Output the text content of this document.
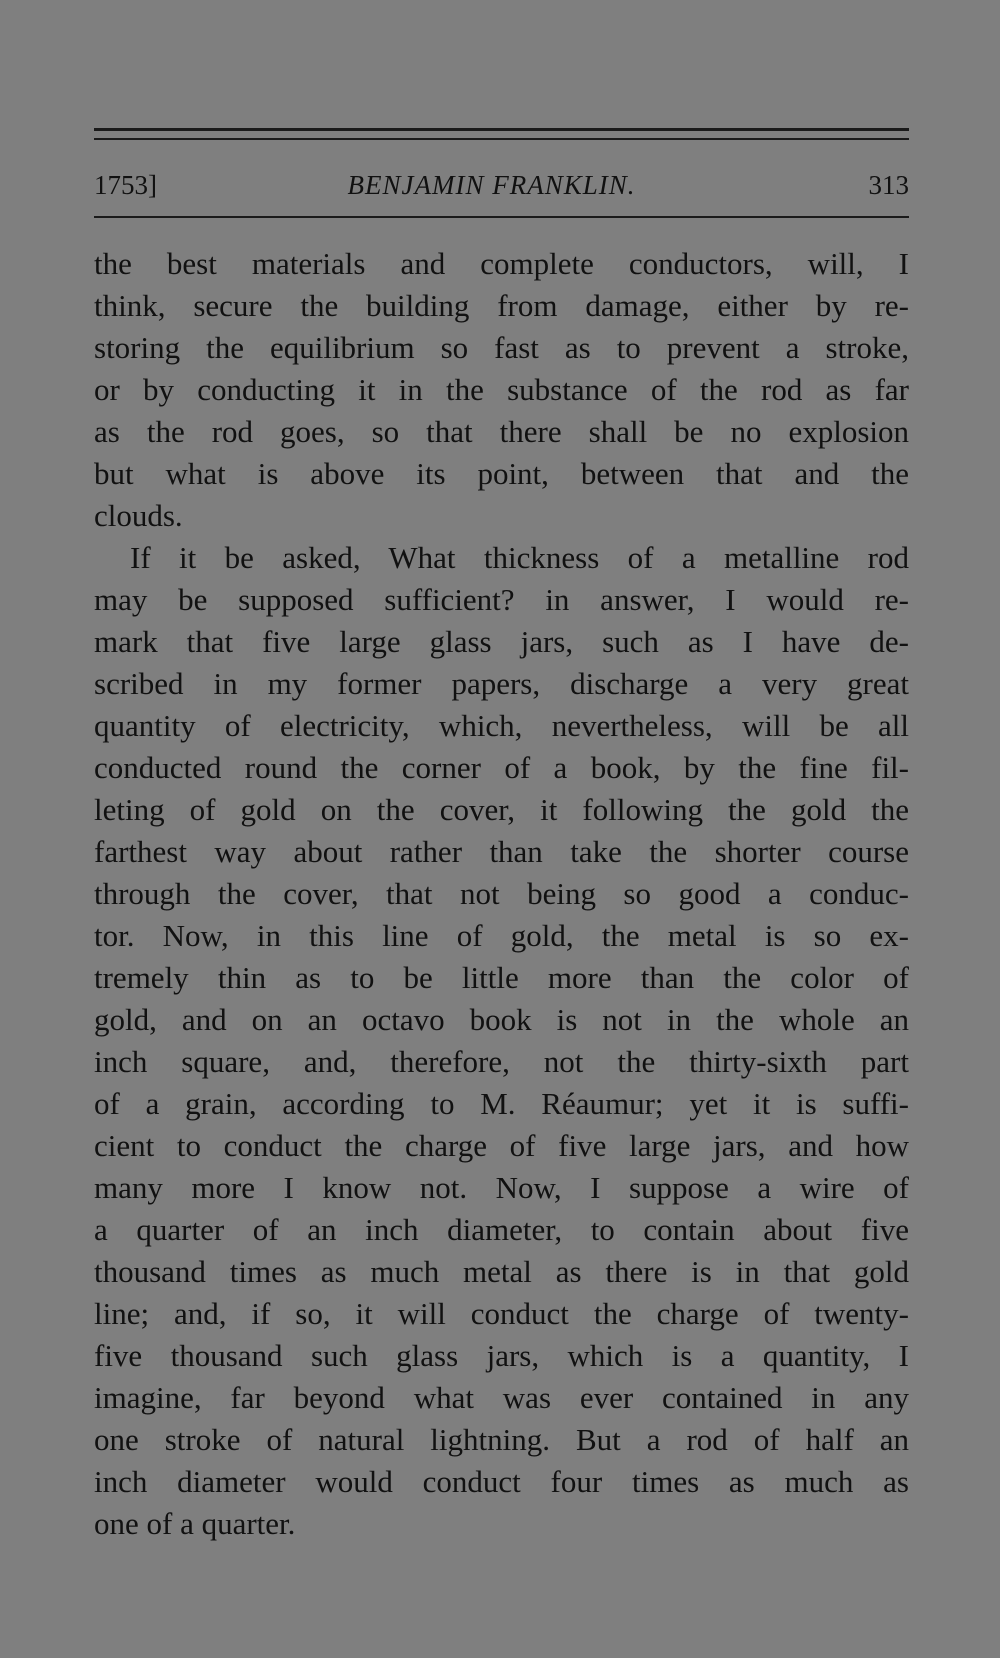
1753]	BENJAMIN FRANKLIN.	313
the best materials and complete conductors, will, I
think, secure the building from damage, either by re-
storing the equilibrium so fast as to prevent a stroke,
or by conducting it in the substance of the rod as far
as the rod goes, so that there shall be no explosion
but what is above its point, between that and the
clouds.
If it be asked, What thickness of a metalline rod
may be supposed sufficient? in answer, I would re-
mark that five large glass jars, such as I have de-
scribed in my former papers, discharge a very great
quantity of electricity, which, nevertheless, will be all
conducted round the corner of a book, by the fine fil-
leting of gold on the cover, it following the gold the
farthest way about rather than take the shorter course
through the cover, that not being so good a conduc-
tor. Now, in this line of gold, the metal is so ex-
tremely thin as to be little more than the color of
gold, and on an octavo book is not in the whole an
inch square, and, therefore, not the thirty-sixth part
of a grain, according to M. Réaumur; yet it is suffi-
cient to conduct the charge of five large jars, and how
many more I know not. Now, I suppose a wire of
a quarter of an inch diameter, to contain about five
thousand times as much metal as there is in that gold
line; and, if so, it will conduct the charge of twenty-
five thousand such glass jars, which is a quantity, I
imagine, far beyond what was ever contained in any
one stroke of natural lightning. But a rod of half an
inch diameter would conduct four times as much as
one of a quarter.
